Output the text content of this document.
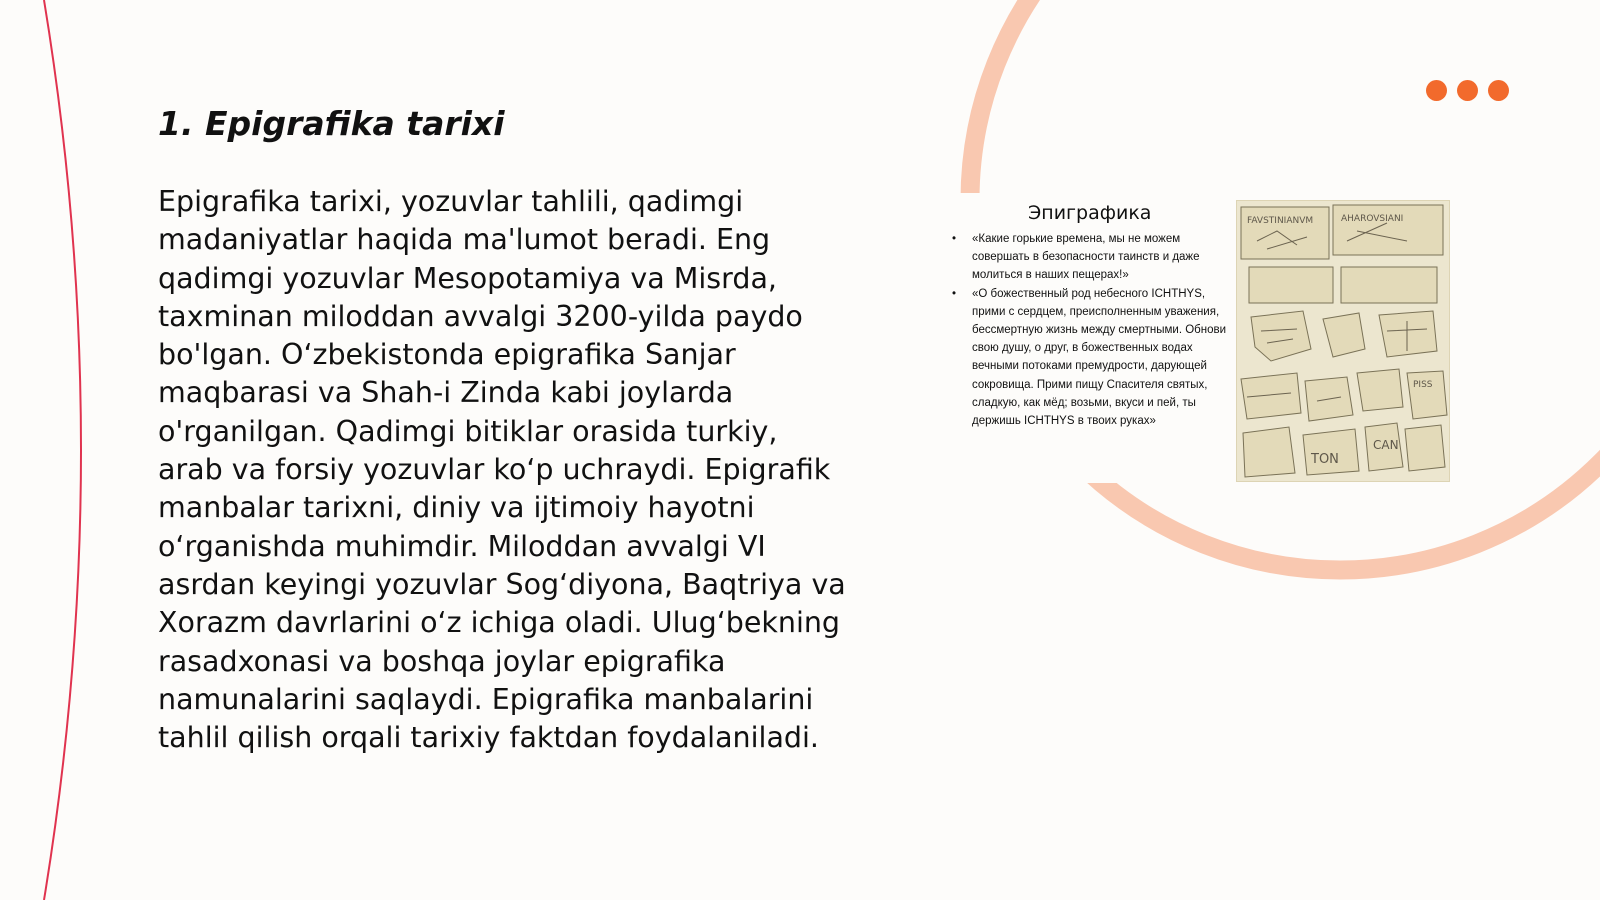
1. Epigrafika tarixi

Epigrafika tarixi, yozuvlar tahlili, qadimgi madaniyatlar haqida ma'lumot beradi. Eng qadimgi yozuvlar Mesopotamiya va Misrda, taxminan miloddan avvalgi 3200-yilda paydo bo'lgan. O‘zbekistonda epigrafika Sanjar maqbarasi va Shah-i Zinda kabi joylarda o'rganilgan. Qadimgi bitiklar orasida turkiy, arab va forsiy yozuvlar ko‘p uchraydi. Epigrafik manbalar tarixni, diniy va ijtimoiy hayotni o‘rganishda muhimdir. Miloddan avvalgi VI asrdan keyingi yozuvlar Sog‘diyona, Baqtriya va Xorazm davrlarini o‘z ichiga oladi. Ulug‘bekning rasadxonasi va boshqa joylar epigrafika namunalarini saqlaydi. Epigrafika manbalarini tahlil qilish orqali tarixiy faktdan foydalaniladi.

Эпиграфика
• «Какие горькие времена, мы не можем совершать в безопасности таинств и даже молиться в наших пещерах!»
• «О божественный род небесного ICHTHYS, прими с сердцем, преисполненным уважения, бессмертную жизнь между смертными. Обнови свою душу, о друг, в божественных водах вечными потоками премудрости, дарующей сокровища. Прими пищу Спасителя святых, сладкую, как мёд; возьми, вкуси и пей, ты держишь ICHTHYS в твоих руках»
FAVSTINIANVM	AHAROVSIANI
TON
CAN
PISS
